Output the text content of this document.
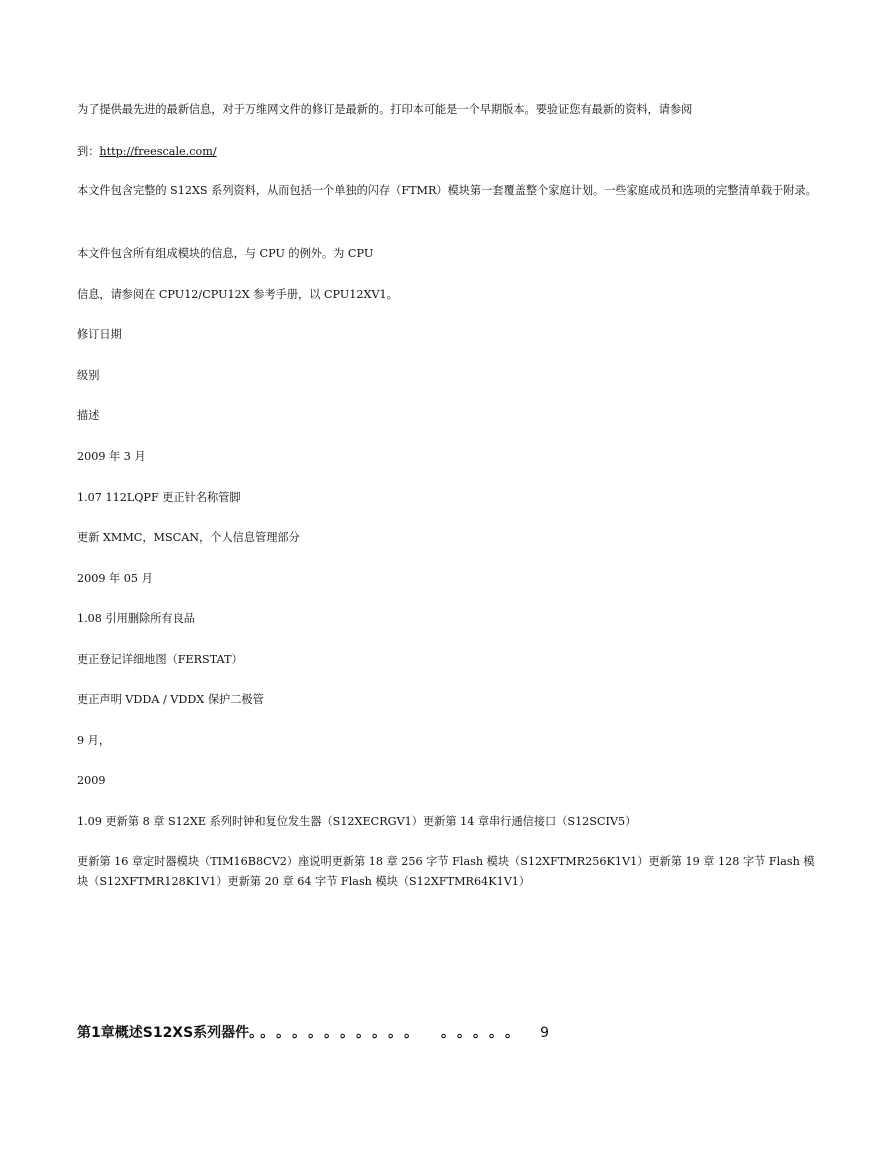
为了提供最先进的最新信息，对于万维网文件的修订是最新的。打印本可能是一个早期版本。要验证您有最新的资料，请参阅

到：http://freescale.com/

本文件包含完整的 S12XS 系列资料，从而包括一个单独的闪存（FTMR）模块第一套覆盖整个家庭计划。一些家庭成员和选项的完整清单载于附录。

本文件包含所有组成模块的信息，与 CPU 的例外。为 CPU

信息，请参阅在 CPU12/CPU12X 参考手册，以 CPU12XV1。

修订日期

级别

描述

2009 年 3 月

1.07 112LQPF 更正针名称管脚

更新 XMMC，MSCAN，个人信息管理部分

2009 年 05 月

1.08 引用删除所有良品

更正登记详细地图（FERSTAT）

更正声明 VDDA / VDDX 保护二极管

9 月，

2009

1.09 更新第 8 章 S12XE 系列时钟和复位发生器（S12XECRGV1）更新第 14 章串行通信接口（S12SCIV5）

更新第 16 章定时器模块（TIM16B8CV2）座说明更新第 18 章 256 字节 Flash 模块（S12XFTMR256K1V1）更新第 19 章 128 字节 Flash 模块（S12XFTMR128K1V1）更新第 20 章 64 字节 Flash 模块（S12XFTMR64K1V1）

第1章概述S12XS系列器件。 。。。。。。。。。。 。。。。。 9
